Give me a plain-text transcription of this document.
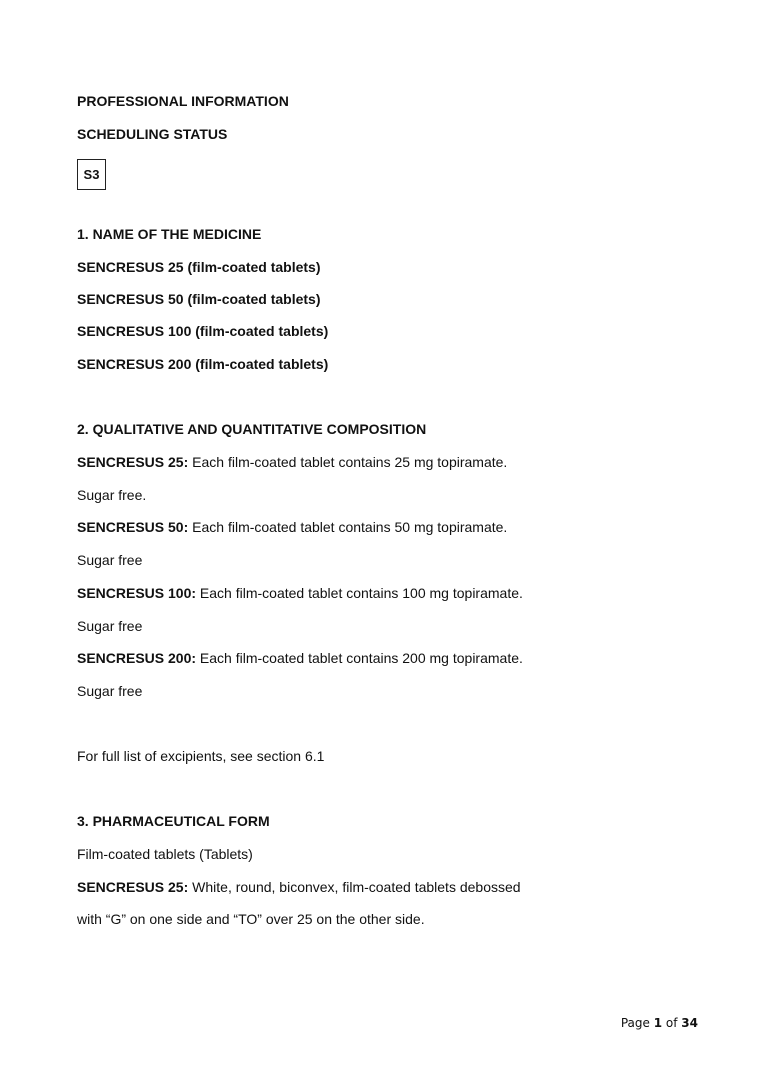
PROFESSIONAL INFORMATION
SCHEDULING STATUS
S3
1. NAME OF THE MEDICINE
SENCRESUS 25 (film-coated tablets)
SENCRESUS 50 (film-coated tablets)
SENCRESUS 100 (film-coated tablets)
SENCRESUS 200 (film-coated tablets)
2. QUALITATIVE AND QUANTITATIVE COMPOSITION
SENCRESUS 25: Each film-coated tablet contains 25 mg topiramate.
Sugar free.
SENCRESUS 50: Each film-coated tablet contains 50 mg topiramate.
Sugar free
SENCRESUS 100: Each film-coated tablet contains 100 mg topiramate.
Sugar free
SENCRESUS 200: Each film-coated tablet contains 200 mg topiramate.
Sugar free
For full list of excipients, see section 6.1
3. PHARMACEUTICAL FORM
Film-coated tablets (Tablets)
SENCRESUS 25: White, round, biconvex, film-coated tablets debossed
with “G” on one side and “TO” over 25 on the other side.
Page 1 of 34
